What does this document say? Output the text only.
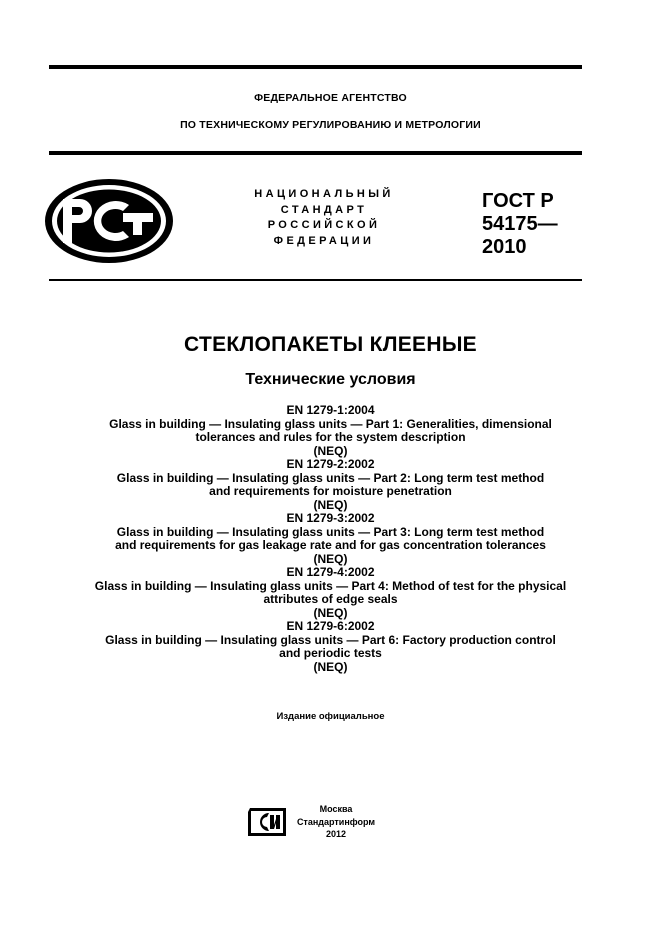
ФЕДЕРАЛЬНОЕ АГЕНТСТВО
ПО ТЕХНИЧЕСКОМУ РЕГУЛИРОВАНИЮ И МЕТРОЛОГИИ
НАЦИОНАЛЬНЫЙ
СТАНДАРТ
РОССИЙСКОЙ
ФЕДЕРАЦИИ
ГОСТ Р
54175—
2010
СТЕКЛОПАКЕТЫ КЛЕЕНЫЕ
Технические условия
EN 1279-1:2004
Glass in building — Insulating glass units — Part 1: Generalities, dimensional
tolerances and rules for the system description
(NEQ)
EN 1279-2:2002
Glass in building — Insulating glass units — Part 2: Long term test method
and requirements for moisture penetration
(NEQ)
EN 1279-3:2002
Glass in building — Insulating glass units — Part 3: Long term test method
and requirements for gas leakage rate and for gas concentration tolerances
(NEQ)
EN 1279-4:2002
Glass in building — Insulating glass units — Part 4: Method of test for the physical
attributes of edge seals
(NEQ)
EN 1279-6:2002
Glass in building — Insulating glass units — Part 6: Factory production control
and periodic tests
(NEQ)
Издание официальное
Москва
Стандартинформ
2012
